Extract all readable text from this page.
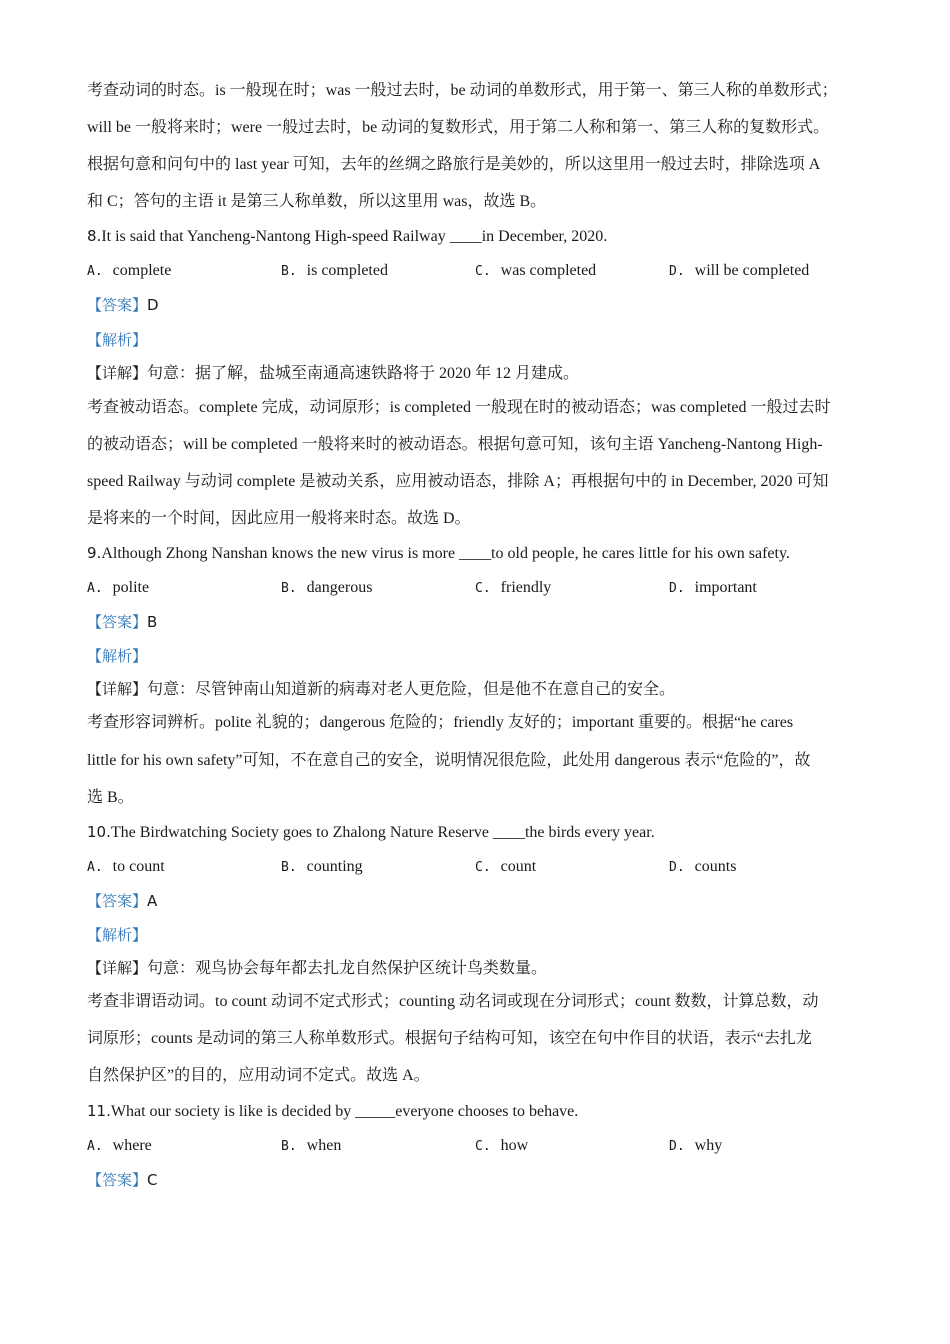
考查动词的时态。is 一般现在时；was 一般过去时，be 动词的单数形式，用于第一、第三人称的单数形式；
will be 一般将来时；were 一般过去时，be 动词的复数形式，用于第二人称和第一、第三人称的复数形式。
根据句意和问句中的 last year 可知，去年的丝绸之路旅行是美妙的，所以这里用一般过去时，排除选项 A
和 C；答句的主语 it 是第三人称单数，所以这里用 was，故选 B。
8.It is said that Yancheng-Nantong High-speed Railway ____in December, 2020.
A. complete	B. is completed	C. was completed	D. will be completed
【答案】D
【解析】
【详解】句意：据了解，盐城至南通高速铁路将于 2020 年 12 月建成。
考查被动语态。complete 完成，动词原形；is completed 一般现在时的被动语态；was completed 一般过去时
的被动语态；will be completed 一般将来时的被动语态。根据句意可知，该句主语 Yancheng-Nantong High-
speed Railway 与动词 complete 是被动关系，应用被动语态，排除 A；再根据句中的 in December, 2020 可知
是将来的一个时间，因此应用一般将来时态。故选 D。
9.Although Zhong Nanshan knows the new virus is more ____to old people, he cares little for his own safety.
A. polite	B. dangerous	C. friendly	D. important
【答案】B
【解析】
【详解】句意：尽管钟南山知道新的病毒对老人更危险，但是他不在意自己的安全。
考查形容词辨析。polite 礼貌的；dangerous 危险的；friendly 友好的；important 重要的。根据“he cares
little for his own safety”可知，不在意自己的安全，说明情况很危险，此处用 dangerous 表示“危险的”，故
选 B。
10.The Birdwatching Society goes to Zhalong Nature Reserve ____the birds every year.
A. to count	B. counting	C. count	D. counts
【答案】A
【解析】
【详解】句意：观鸟协会每年都去扎龙自然保护区统计鸟类数量。
考查非谓语动词。to count 动词不定式形式；counting 动名词或现在分词形式；count 数数，计算总数，动
词原形；counts 是动词的第三人称单数形式。根据句子结构可知，该空在句中作目的状语，表示“去扎龙
自然保护区”的目的，应用动词不定式。故选 A。
11.What our society is like is decided by _____everyone chooses to behave.
A. where	B. when	C. how	D. why
【答案】C
